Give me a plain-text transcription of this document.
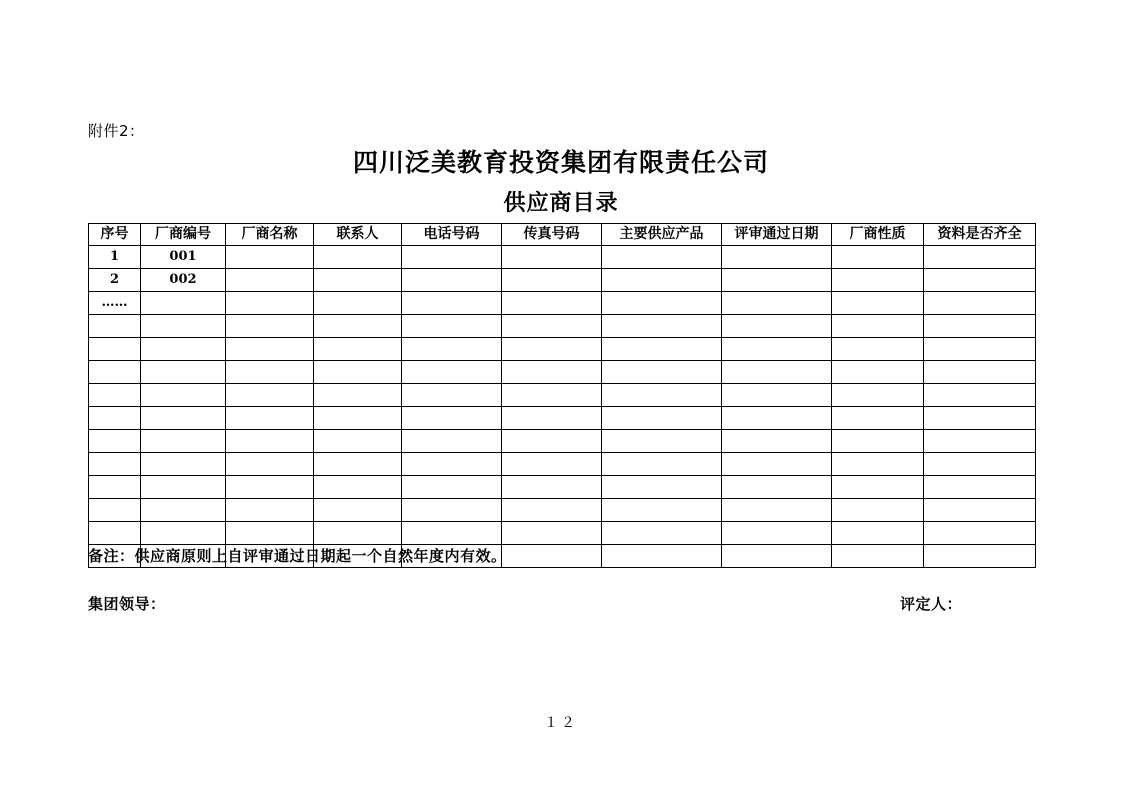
附件2：
四川泛美教育投资集团有限责任公司
供应商目录
序号	厂商编号	厂商名称	联系人	电话号码	传真号码	主要供应产品	评审通过日期	厂商性质	资料是否齐全
1	001								
2	002								
……									

备注：供应商原则上自评审通过日期起一个自然年度内有效。
集团领导：	评定人：
１２
